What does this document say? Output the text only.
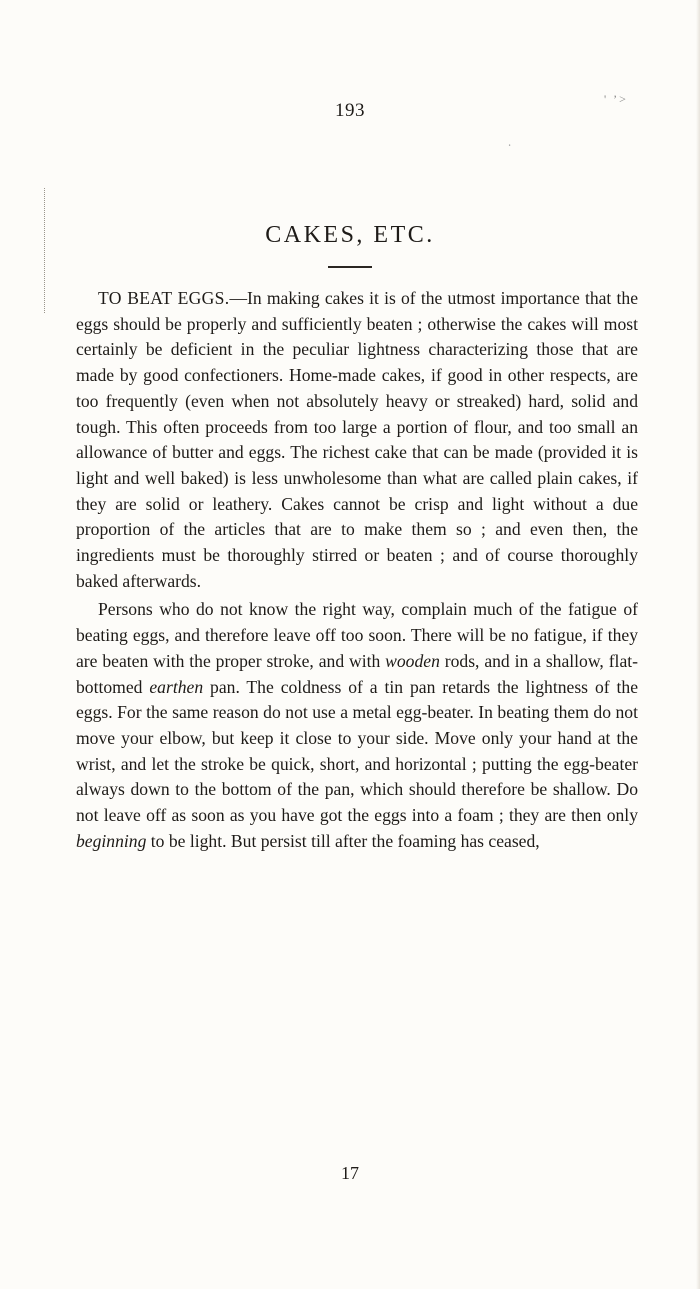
193
' ’>
∙
CAKES, ETC.

TO BEAT EGGS.—In making cakes it is of the utmost importance that the eggs should be properly and sufficiently beaten ; otherwise the cakes will most certainly be deficient in the peculiar lightness characterizing those that are made by good confectioners. Home-made cakes, if good in other respects, are too frequently (even when not absolutely heavy or streaked) hard, solid and tough. This often proceeds from too large a portion of flour, and too small an allowance of butter and eggs. The richest cake that can be made (provided it is light and well baked) is less unwholesome than what are called plain cakes, if they are solid or leathery. Cakes cannot be crisp and light without a due proportion of the articles that are to make them so ; and even then, the ingredients must be thoroughly stirred or beaten ; and of course thoroughly baked afterwards.

Persons who do not know the right way, complain much of the fatigue of beating eggs, and therefore leave off too soon. There will be no fatigue, if they are beaten with the proper stroke, and with wooden rods, and in a shallow, flat-bottomed earthen pan. The coldness of a tin pan retards the lightness of the eggs. For the same reason do not use a metal egg-beater. In beating them do not move your elbow, but keep it close to your side. Move only your hand at the wrist, and let the stroke be quick, short, and horizontal ; putting the egg-beater always down to the bottom of the pan, which should therefore be shallow. Do not leave off as soon as you have got the eggs into a foam ; they are then only beginning to be light. But persist till after the foaming has ceased,

17
